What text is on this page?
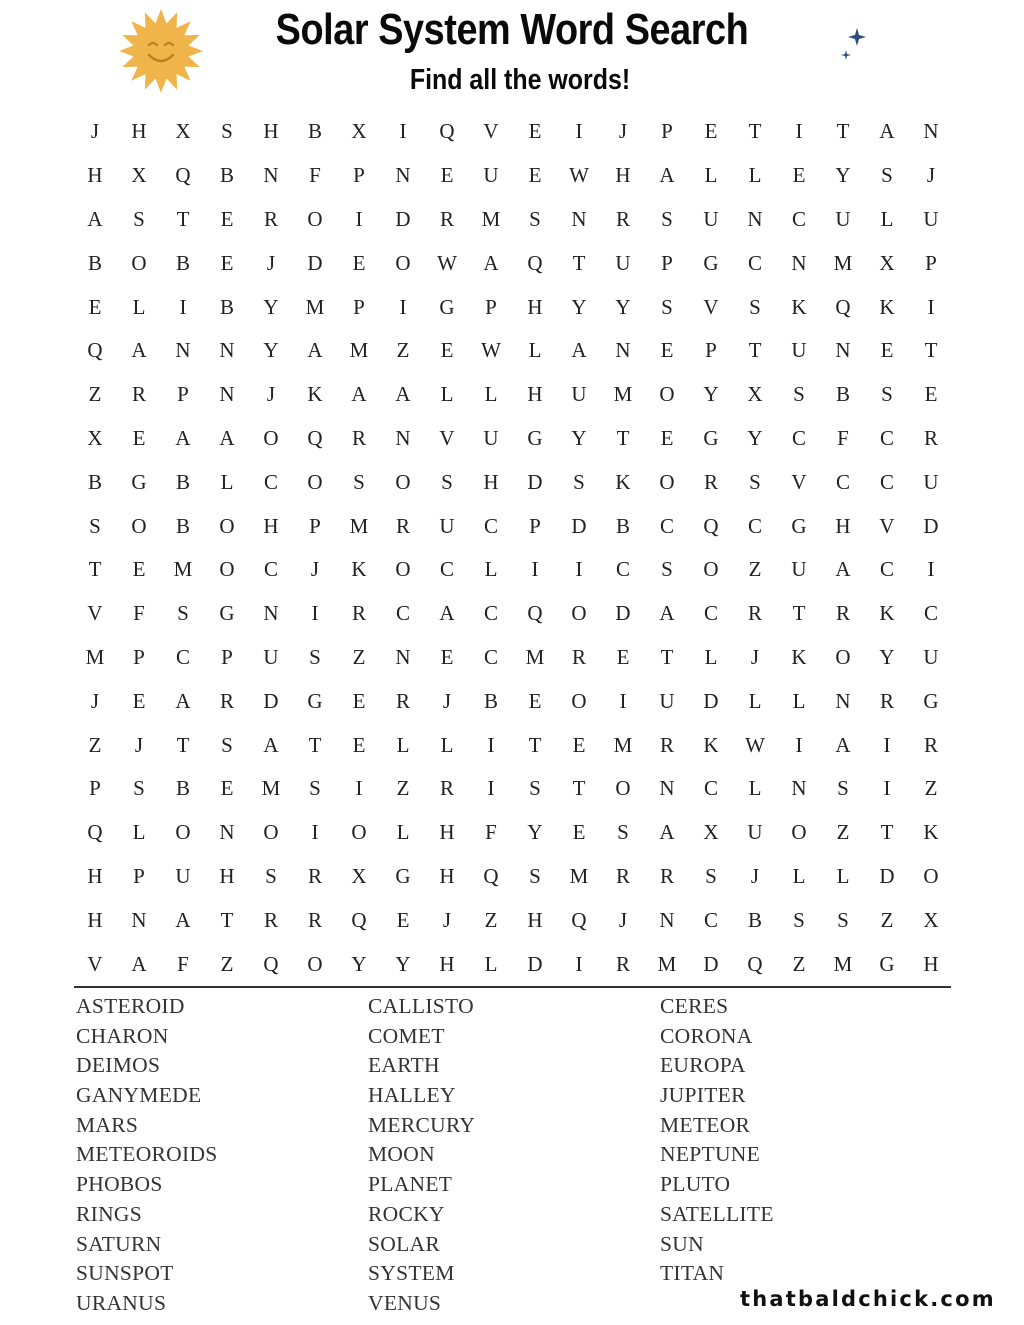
Solar System Word Search
Find all the words!
J	H	X	S	H	B	X	I	Q	V	E	I	J	P	E	T	I	T	A	N
H	X	Q	B	N	F	P	N	E	U	E	W	H	A	L	L	E	Y	S	J
A	S	T	E	R	O	I	D	R	M	S	N	R	S	U	N	C	U	L	U
B	O	B	E	J	D	E	O	W	A	Q	T	U	P	G	C	N	M	X	P
E	L	I	B	Y	M	P	I	G	P	H	Y	Y	S	V	S	K	Q	K	I
Q	A	N	N	Y	A	M	Z	E	W	L	A	N	E	P	T	U	N	E	T
Z	R	P	N	J	K	A	A	L	L	H	U	M	O	Y	X	S	B	S	E
X	E	A	A	O	Q	R	N	V	U	G	Y	T	E	G	Y	C	F	C	R
B	G	B	L	C	O	S	O	S	H	D	S	K	O	R	S	V	C	C	U
S	O	B	O	H	P	M	R	U	C	P	D	B	C	Q	C	G	H	V	D
T	E	M	O	C	J	K	O	C	L	I	I	C	S	O	Z	U	A	C	I
V	F	S	G	N	I	R	C	A	C	Q	O	D	A	C	R	T	R	K	C
M	P	C	P	U	S	Z	N	E	C	M	R	E	T	L	J	K	O	Y	U
J	E	A	R	D	G	E	R	J	B	E	O	I	U	D	L	L	N	R	G
Z	J	T	S	A	T	E	L	L	I	T	E	M	R	K	W	I	A	I	R
P	S	B	E	M	S	I	Z	R	I	S	T	O	N	C	L	N	S	I	Z
Q	L	O	N	O	I	O	L	H	F	Y	E	S	A	X	U	O	Z	T	K
H	P	U	H	S	R	X	G	H	Q	S	M	R	R	S	J	L	L	D	O
H	N	A	T	R	R	Q	E	J	Z	H	Q	J	N	C	B	S	S	Z	X
V	A	F	Z	Q	O	Y	Y	H	L	D	I	R	M	D	Q	Z	M	G	H
ASTEROID	CALLISTO	CERES
CHARON	COMET	CORONA
DEIMOS	EARTH	EUROPA
GANYMEDE	HALLEY	JUPITER
MARS	MERCURY	METEOR
METEOROIDS	MOON	NEPTUNE
PHOBOS	PLANET	PLUTO
RINGS	ROCKY	SATELLITE
SATURN	SOLAR	SUN
SUNSPOT	SYSTEM	TITAN
URANUS	VENUS	thatbaldchick.com
